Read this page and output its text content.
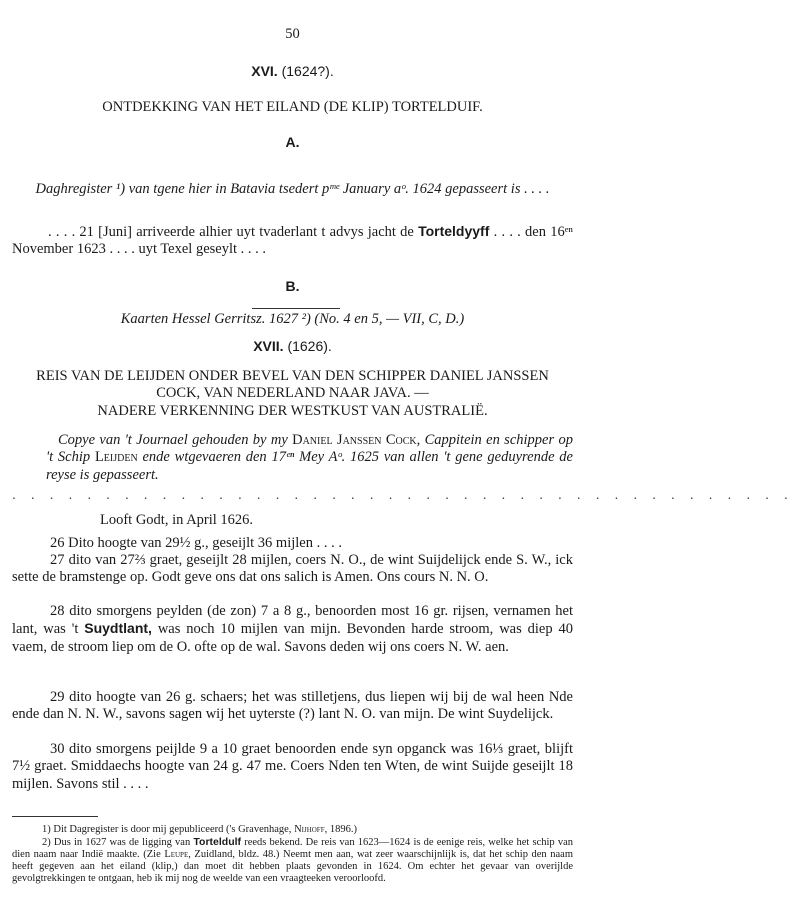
50
XVI. (1624?).
ONTDEKKING VAN HET EILAND (DE KLIP) TORTELDUIF.
A.
Daghregister ¹) van tgene hier in Batavia tsedert pᵐᵉ January aᵒ. 1624 gepasseert is . . . .
. . . . 21 [Juni] arriveerde alhier uyt tvaderlant t advys jacht de Torteldyyff . . . . den 16ᵉⁿ November 1623 . . . . uyt Texel geseylt . . . .
B.
Kaarten Hessel Gerritsz. 1627 ²) (No. 4 en 5, — VII, C, D.)
XVII. (1626).
REIS VAN DE LEIJDEN ONDER BEVEL VAN DEN SCHIPPER DANIEL JANSSEN
COCK, VAN NEDERLAND NAAR JAVA. —
NADERE VERKENNING DER WESTKUST VAN AUSTRALIË.
Copye van 't Journael gehouden by my Daniel Janssen Cock, Cappitein en schipper op 't Schip Leijden ende wtgevaeren den 17ᵉⁿ Mey Aᵒ. 1625 van allen 't gene geduyrende de reyse is gepasseert.
. . . . . . . . . . . . . . . . . . . . . . . . . . . . . . . . . . . . . . . . . .
Looft Godt, in April 1626.
26 Dito hoogte van 29½ g., geseijlt 36 mijlen . . . .
27 dito van 27⅔ graet, geseijlt 28 mijlen, coers N. O., de wint Suijdelijck ende S. W., ick sette de bramstenge op. Godt geve ons dat ons salich is Amen. Ons cours N. N. O.
28 dito smorgens peylden (de zon) 7 a 8 g., benoorden most 16 gr. rijsen, vernamen het lant, was 't Suydtlant, was noch 10 mijlen van mijn. Bevonden harde stroom, was diep 40 vaem, de stroom liep om de O. ofte op de wal. Savons deden wij ons coers N. W. aen.
29 dito hoogte van 26 g. schaers; het was stilletjens, dus liepen wij bij de wal heen Nde ende dan N. N. W., savons sagen wij het uyterste (?) lant N. O. van mijn. De wint Suydelijck.
30 dito smorgens peijlde 9 a 10 graet benoorden ende syn opganck was 16⅓ graet, blijft 7½ graet. Smiddaechs hoogte van 24 g. 47 me. Coers Nden ten Wten, de wint Suijde geseijlt 18 mijlen. Savons stil . . . .
1) Dit Dagregister is door mij gepubliceerd ('s Gravenhage, Nijhoff, 1896.)
2) Dus in 1627 was de ligging van Torteldulf reeds bekend. De reis van 1623—1624 is de eenige reis, welke het schip van dien naam naar Indië maakte. (Zie Leupe, Zuidland, bldz. 48.) Neemt men aan, wat zeer waarschijnlijk is, dat het schip den naam heeft gegeven aan het eiland (klip,) dan moet dit hebben plaats gevonden in 1624. Om echter het gevaar van overijlde gevolgtrekkingen te ontgaan, heb ik mij nog de weelde van een vraagteeken veroorloofd.
